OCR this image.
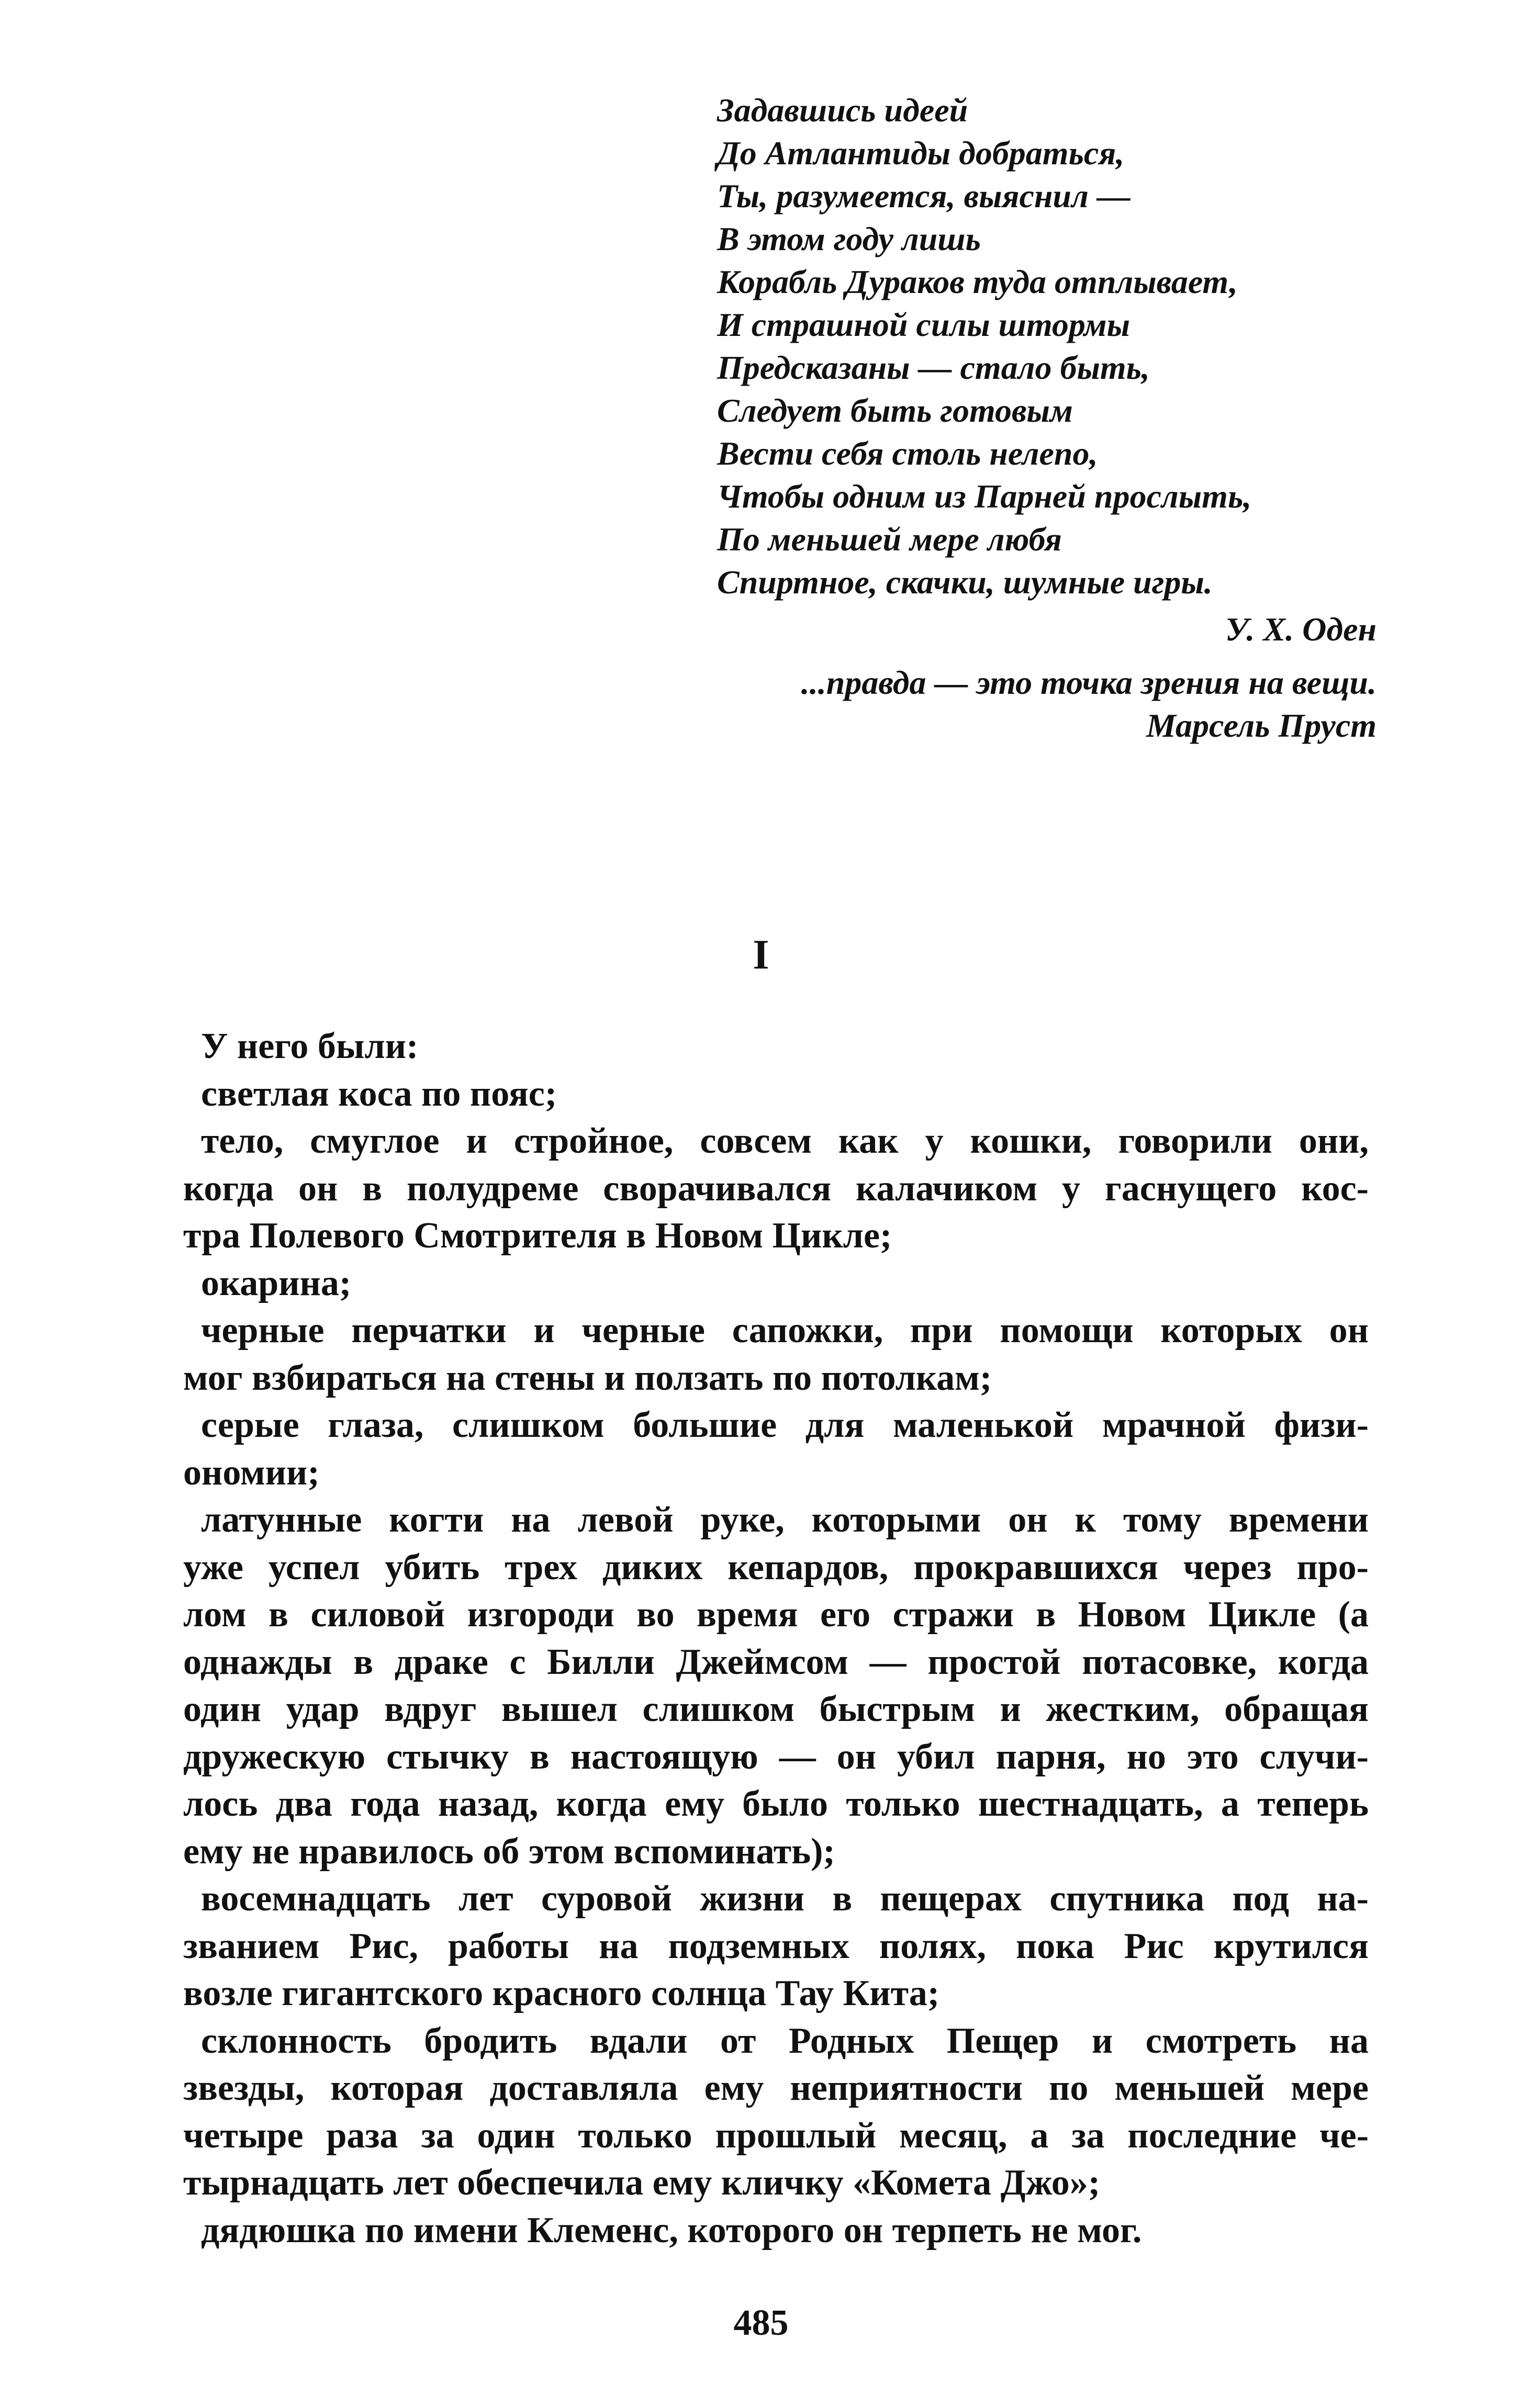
Задавшись идеей
До Атлантиды добраться,
Ты, разумеется, выяснил —
В этом году лишь
Корабль Дураков туда отплывает,
И страшной силы штормы
Предсказаны — стало быть,
Следует быть готовым
Вести себя столь нелепо,
Чтобы одним из Парней прослыть,
По меньшей мере любя
Спиртное, скачки, шумные игры.
У. Х. Оден
...правда — это точка зрения на вещи.
Марсель Пруст
I
У него были:
светлая коса по пояс;
тело, смуглое и стройное, совсем как у кошки, говорили они,
когда он в полудреме сворачивался калачиком у гаснущего кос-
тра Полевого Смотрителя в Новом Цикле;
окарина;
черные перчатки и черные сапожки, при помощи которых он
мог взбираться на стены и ползать по потолкам;
серые глаза, слишком большие для маленькой мрачной физи-
ономии;
латунные когти на левой руке, которыми он к тому времени
уже успел убить трех диких кепардов, прокравшихся через про-
лом в силовой изгороди во время его стражи в Новом Цикле (а
однажды в драке с Билли Джеймсом — простой потасовке, когда
один удар вдруг вышел слишком быстрым и жестким, обращая
дружескую стычку в настоящую — он убил парня, но это случи-
лось два года назад, когда ему было только шестнадцать, а теперь
ему не нравилось об этом вспоминать);
восемнадцать лет суровой жизни в пещерах спутника под на-
званием Рис, работы на подземных полях, пока Рис крутился
возле гигантского красного солнца Тау Кита;
склонность бродить вдали от Родных Пещер и смотреть на
звезды, которая доставляла ему неприятности по меньшей мере
четыре раза за один только прошлый месяц, а за последние че-
тырнадцать лет обеспечила ему кличку «Комета Джо»;
дядюшка по имени Клеменс, которого он терпеть не мог.
485
